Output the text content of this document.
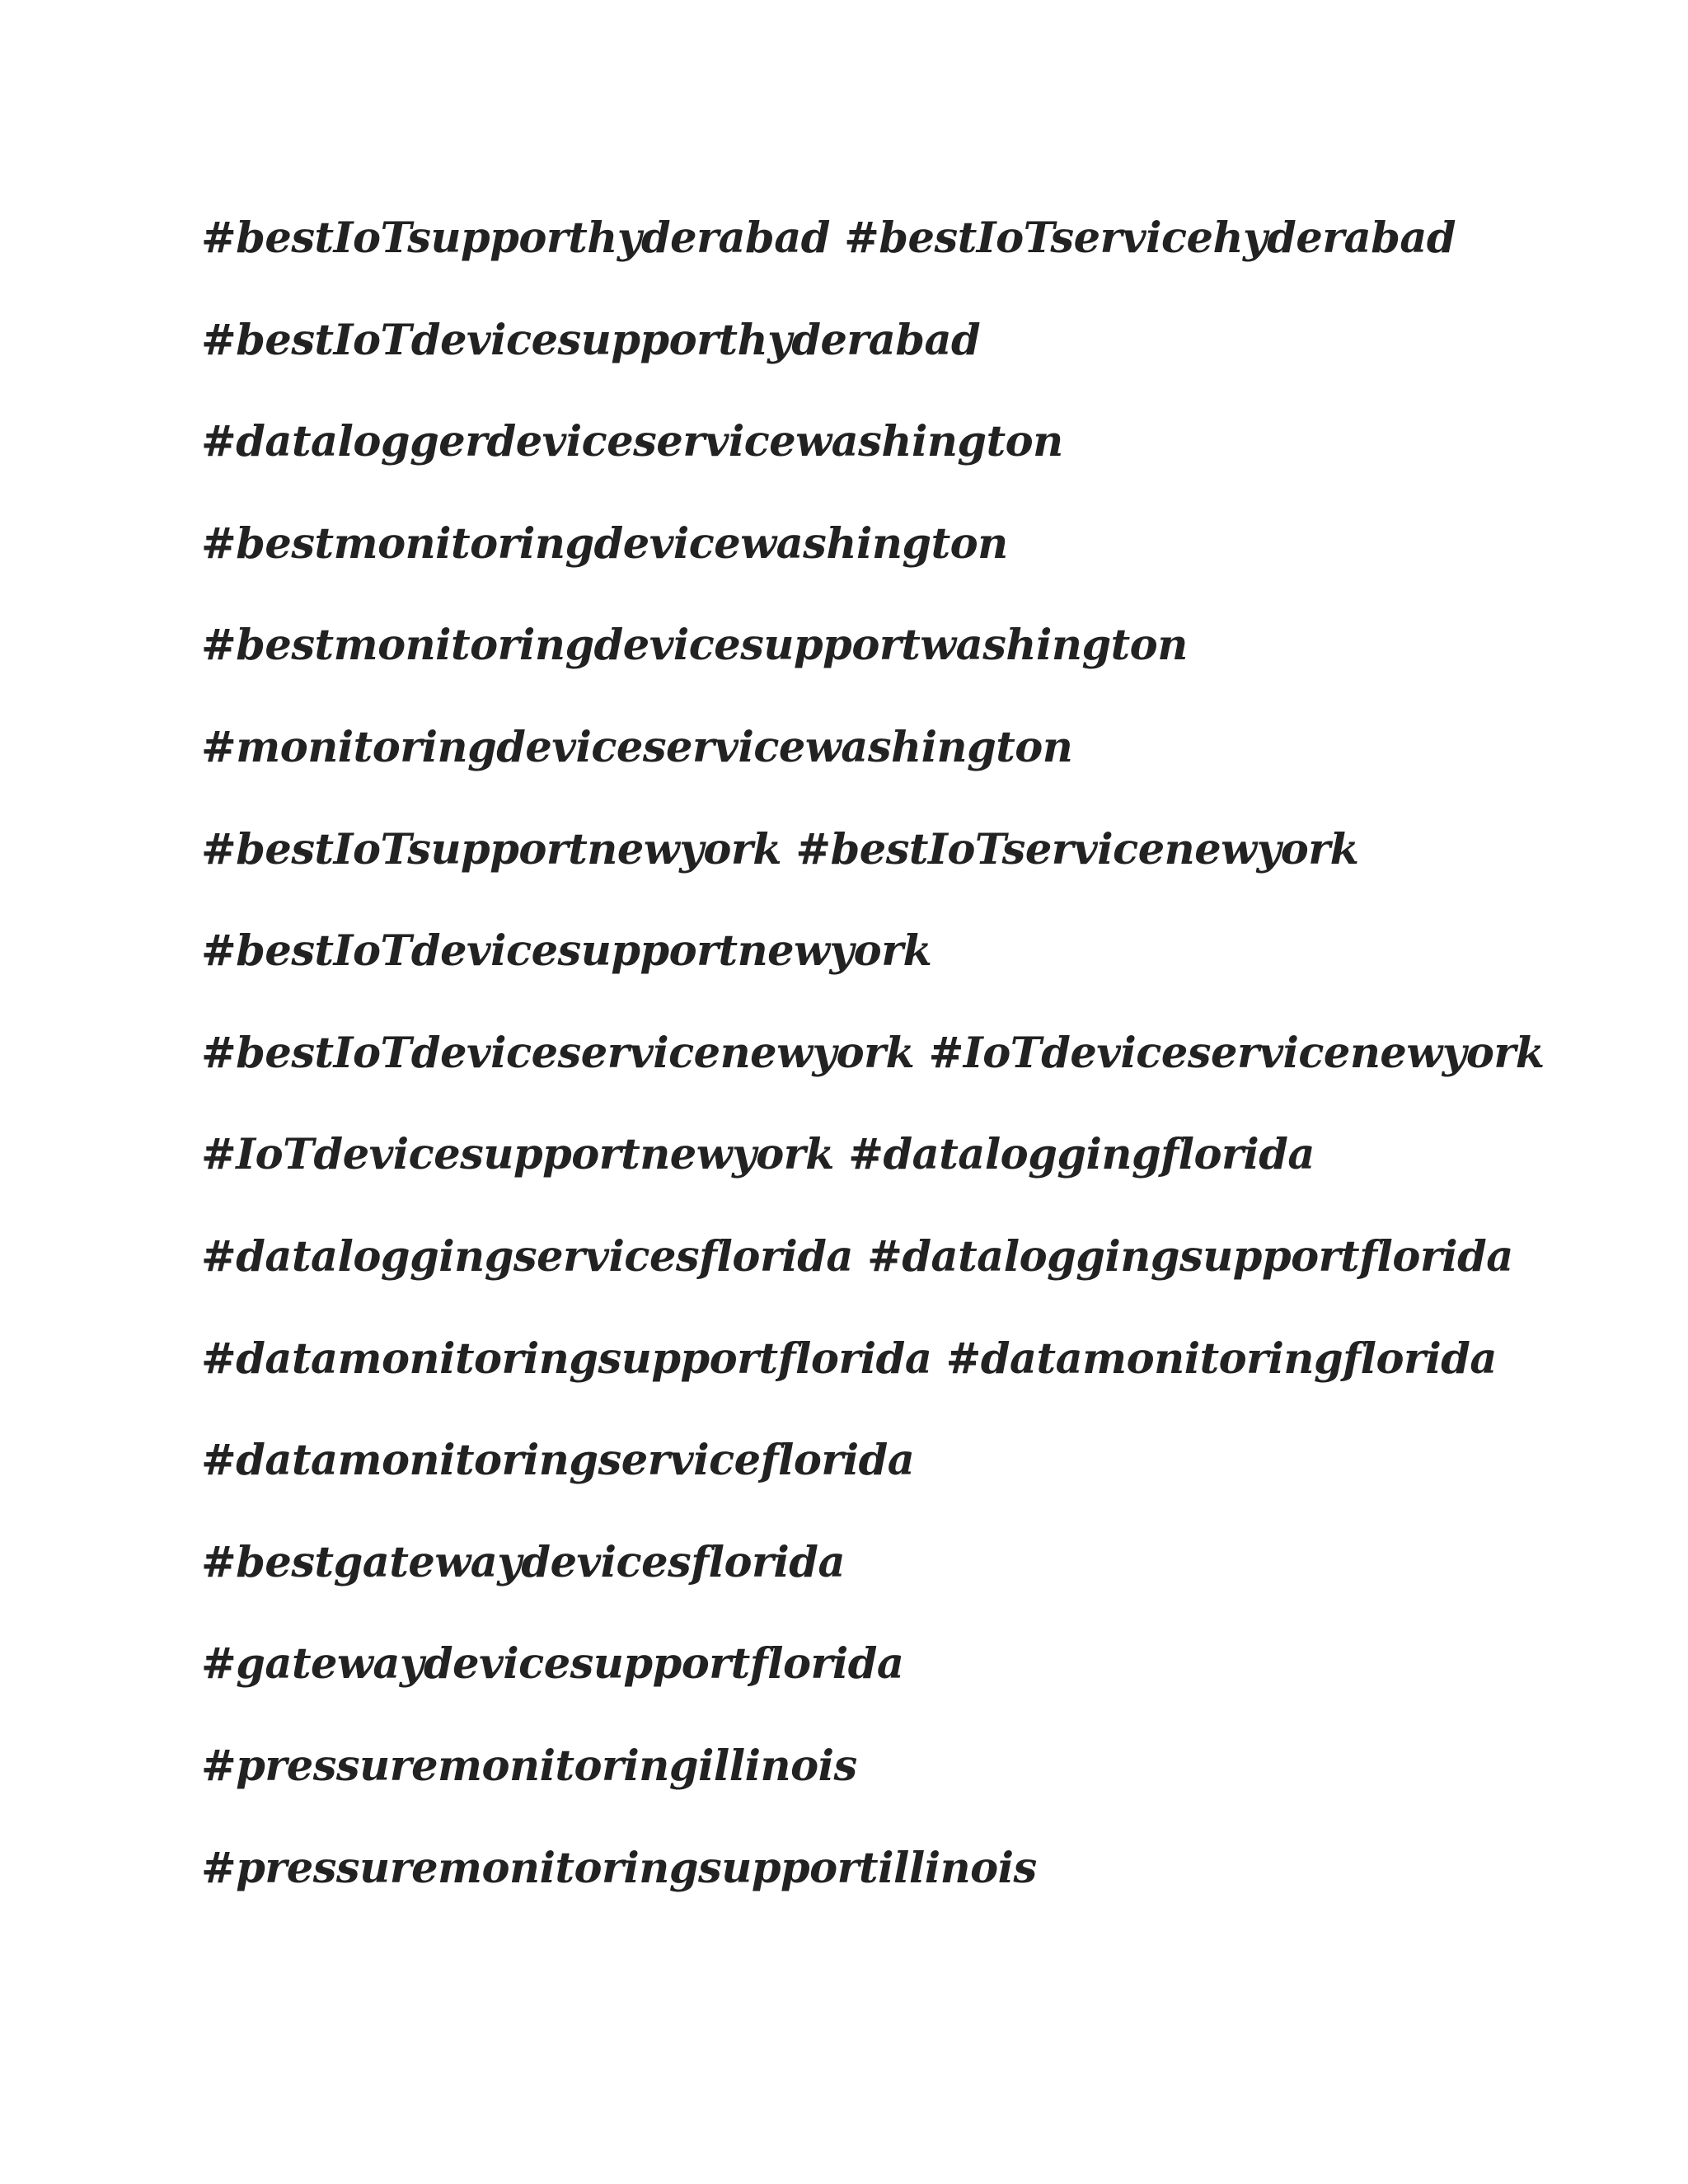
#bestIoTsupporthyderabad #bestIoTservicehyderabad
#bestIoTdevicesupporthyderabad
#dataloggerdeviceservicewashington
#bestmonitoringdevicewashington
#bestmonitoringdevicesupportwashington
#monitoringdeviceservicewashington
#bestIoTsupportnewyork #bestIoTservicenewyork
#bestIoTdevicesupportnewyork
#bestIoTdeviceservicenewyork #IoTdeviceservicenewyork
#IoTdevicesupportnewyork #dataloggingflorida
#dataloggingservicesflorida #dataloggingsupportflorida
#datamonitoringsupportflorida #datamonitoringflorida
#datamonitoringserviceflorida
#bestgatewaydevicesflorida
#gatewaydevicesupportflorida
#pressuremonitoringillinois
#pressuremonitoringsupportillinois
